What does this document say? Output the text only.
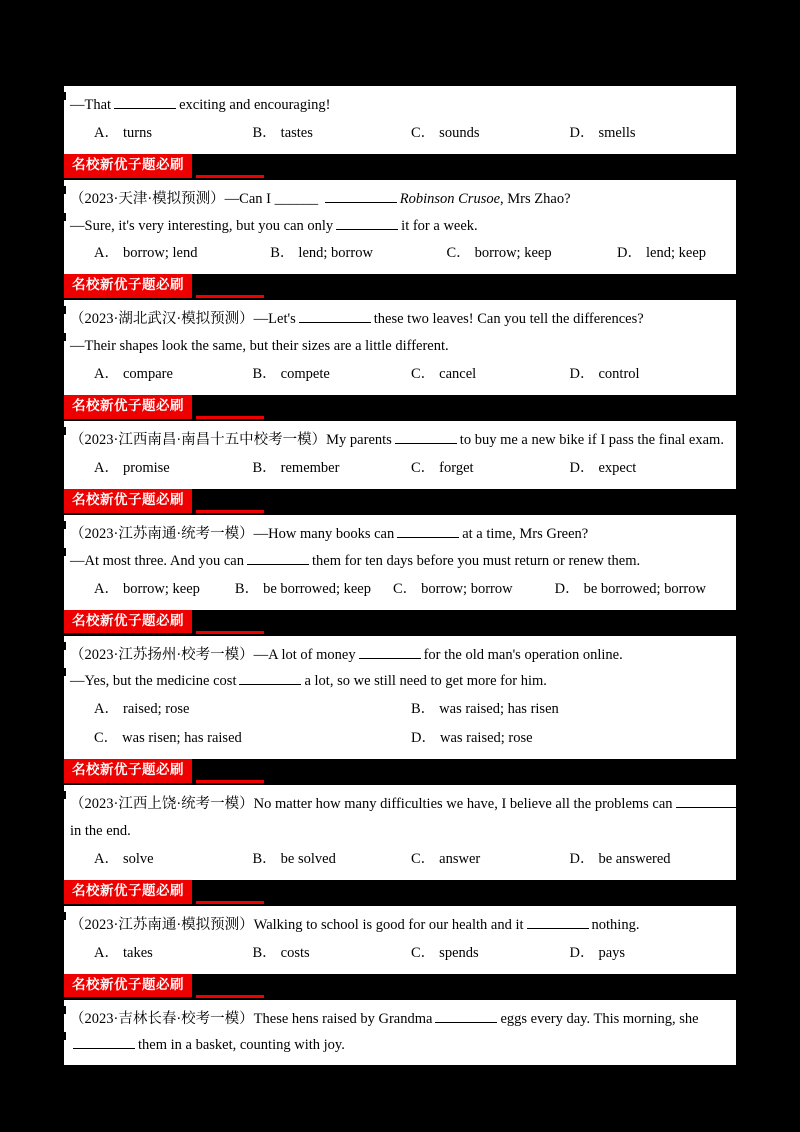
—That	exciting and encouraging!
A． turns	B． tastes	C． sounds	D． smells
名校新优子题必刷
（2023·天津·模拟预测）—Can I ______	Robinson Crusoe, Mrs Zhao?
—Sure, it's very interesting, but you can only	it for a week.
A． borrow; lend	B． lend; borrow	C． borrow; keep	D． lend; keep
名校新优子题必刷
（2023·湖北武汉·模拟预测）—Let's	these two leaves! Can you tell the differences?
—Their shapes look the same, but their sizes are a little different.
A． compare	B． compete	C． cancel	D． control
名校新优子题必刷
（2023·江西南昌·南昌十五中校考一模）My parents	to buy me a new bike if I pass the final exam.
A． promise	B． remember	C． forget	D． expect
名校新优子题必刷
（2023·江苏南通·统考一模）—How many books can	at a time, Mrs Green?
—At most three. And you can	them for ten days before you must return or renew them.
A． borrow; keep	B． be borrowed; keep C． borrow; borrow	D． be borrowed; borrow
名校新优子题必刷
（2023·江苏扬州·校考一模）—A lot of money	for the old man's operation online.
—Yes, but the medicine cost	a lot, so we still need to get more for him.
A． raised; rose	B． was raised; has risen
C． was risen; has raised	D． was raised; rose
名校新优子题必刷
（2023·江西上饶·统考一模）No matter how many difficulties we have, I believe all the problems can
in the end.
A． solve	B． be solved	C． answer	D． be answered
名校新优子题必刷
（2023·江苏南通·模拟预测）Walking to school is good for our health and it	nothing.
A． takes	B． costs	C． spends	D． pays
名校新优子题必刷
（2023·吉林长春·校考一模）These hens raised by Grandma	eggs every day. This morning, she
them in a basket, counting with joy.
